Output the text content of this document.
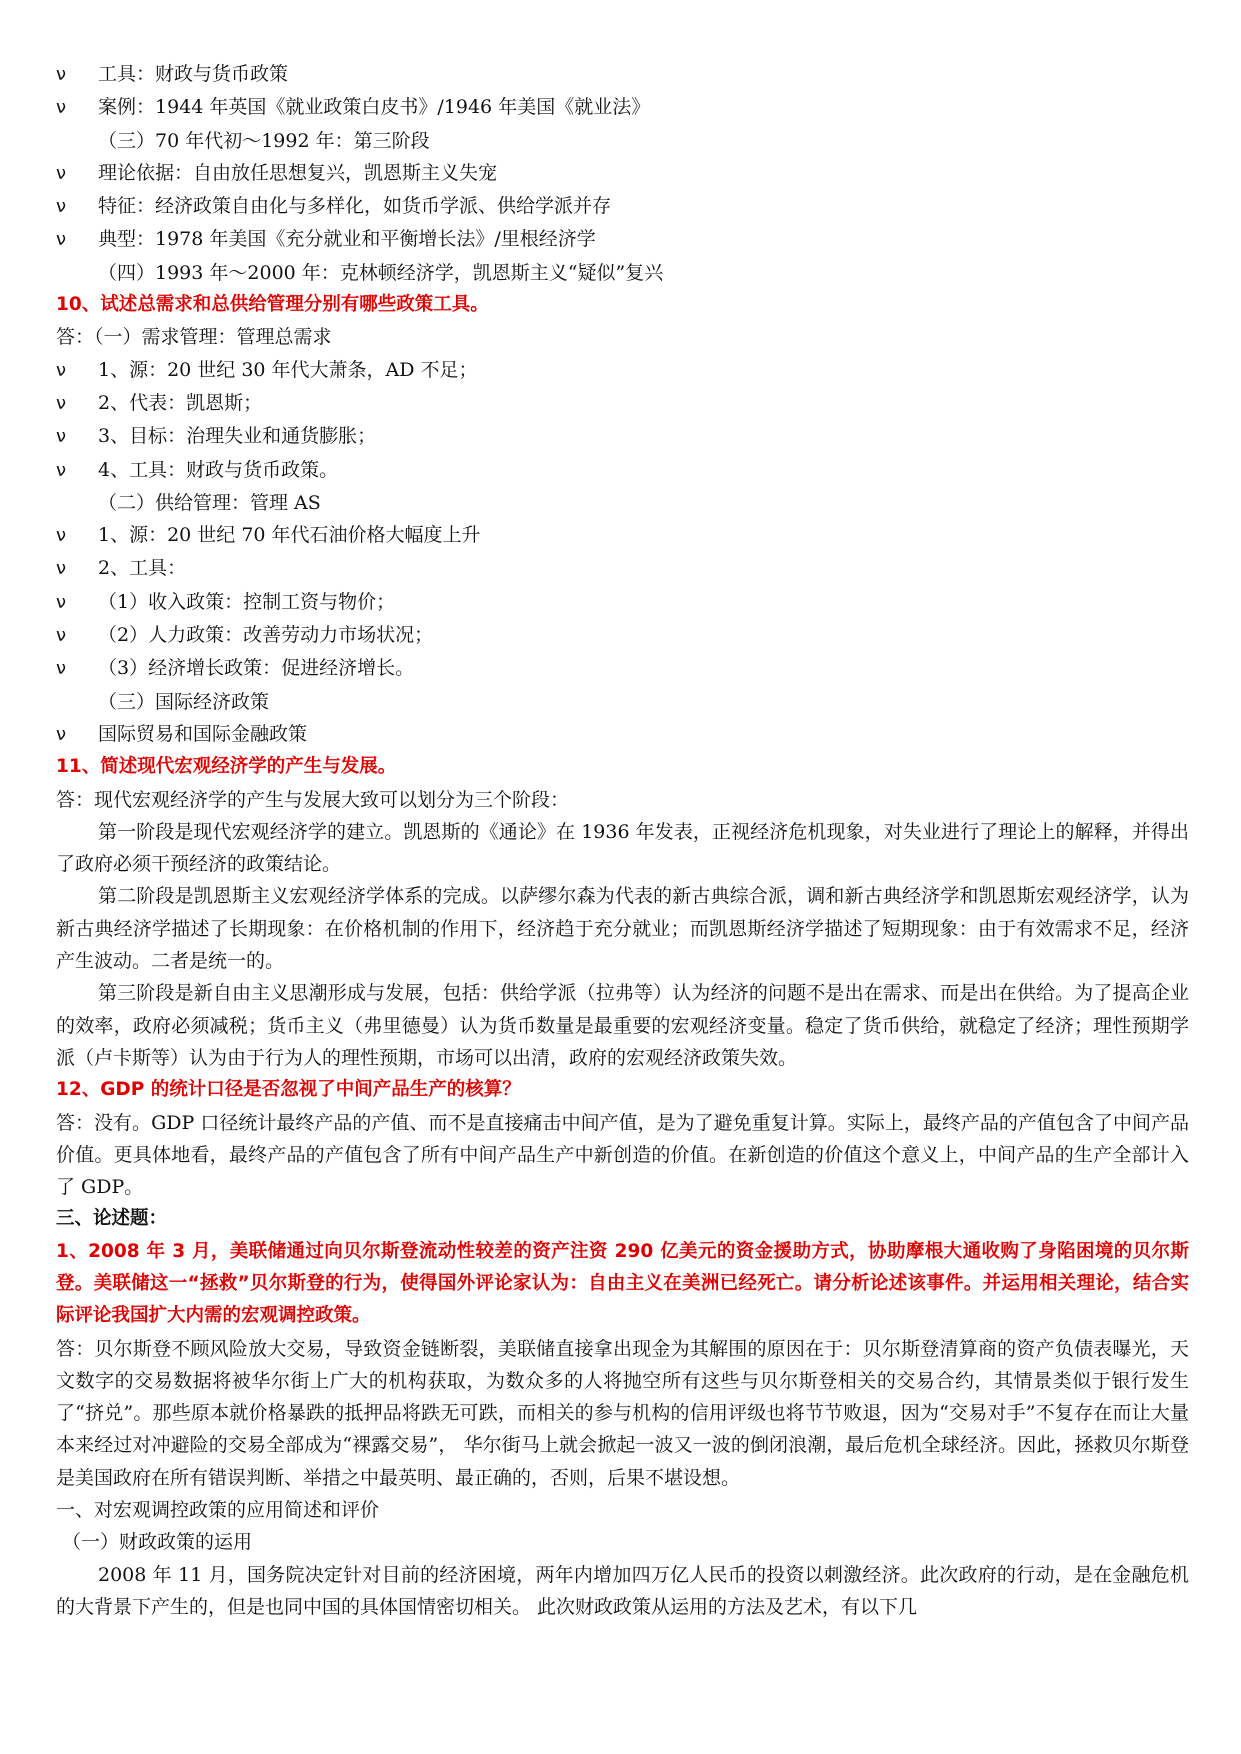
ν	工具：财政与货币政策
ν	案例：1944 年英国《就业政策白皮书》/1946 年美国《就业法》
（三）70 年代初～1992 年：第三阶段
ν	理论依据：自由放任思想复兴，凯恩斯主义失宠
ν	特征：经济政策自由化与多样化，如货币学派、供给学派并存
ν	典型：1978 年美国《充分就业和平衡增长法》/里根经济学
（四）1993 年～2000 年：克林顿经济学，凯恩斯主义“疑似”复兴
10、试述总需求和总供给管理分别有哪些政策工具。
答：（一）需求管理：管理总需求
ν	1、源：20 世纪 30 年代大萧条，AD 不足；
ν	2、代表：凯恩斯；
ν	3、目标：治理失业和通货膨胀；
ν	4、工具：财政与货币政策。
（二）供给管理：管理 AS
ν	1、源：20 世纪 70 年代石油价格大幅度上升
ν	2、工具：
ν	（1）收入政策：控制工资与物价；
ν	（2）人力政策：改善劳动力市场状况；
ν	（3）经济增长政策：促进经济增长。
（三）国际经济政策
ν	国际贸易和国际金融政策
11、简述现代宏观经济学的产生与发展。
答：现代宏观经济学的产生与发展大致可以划分为三个阶段：

第一阶段是现代宏观经济学的建立。凯恩斯的《通论》在 1936 年发表，正视经济危机现象，对失业进行了理论上的解释，并得出了政府必须干预经济的政策结论。

第二阶段是凯恩斯主义宏观经济学体系的完成。以萨缪尔森为代表的新古典综合派，调和新古典经济学和凯恩斯宏观经济学，认为新古典经济学描述了长期现象：在价格机制的作用下，经济趋于充分就业；而凯恩斯经济学描述了短期现象：由于有效需求不足，经济产生波动。二者是统一的。

第三阶段是新自由主义思潮形成与发展，包括：供给学派（拉弗等）认为经济的问题不是出在需求、而是出在供给。为了提高企业的效率，政府必须减税；货币主义（弗里德曼）认为货币数量是最重要的宏观经济变量。稳定了货币供给，就稳定了经济；理性预期学派（卢卡斯等）认为由于行为人的理性预期，市场可以出清，政府的宏观经济政策失效。

12、GDP 的统计口径是否忽视了中间产品生产的核算？

答：没有。GDP 口径统计最终产品的产值、而不是直接痛击中间产值，是为了避免重复计算。实际上，最终产品的产值包含了中间产品价值。更具体地看，最终产品的产值包含了所有中间产品生产中新创造的价值。在新创造的价值这个意义上，中间产品的生产全部计入了 GDP。

三、论述题：

1、2008 年 3 月，美联储通过向贝尔斯登流动性较差的资产注资 290 亿美元的资金援助方式，协助摩根大通收购了身陷困境的贝尔斯登。美联储这一“拯救”贝尔斯登的行为，使得国外评论家认为：自由主义在美洲已经死亡。请分析论述该事件。并运用相关理论，结合实际评论我国扩大内需的宏观调控政策。

答：贝尔斯登不顾风险放大交易，导致资金链断裂，美联储直接拿出现金为其解围的原因在于：贝尔斯登清算商的资产负债表曝光，天文数字的交易数据将被华尔街上广大的机构获取，为数众多的人将抛空所有这些与贝尔斯登相关的交易合约，其情景类似于银行发生了“挤兑”。那些原本就价格暴跌的抵押品将跌无可跌，而相关的参与机构的信用评级也将节节败退，因为“交易对手”不复存在而让大量本来经过对冲避险的交易全部成为“裸露交易”， 华尔街马上就会掀起一波又一波的倒闭浪潮，最后危机全球经济。因此，拯救贝尔斯登是美国政府在所有错误判断、举措之中最英明、最正确的，否则，后果不堪设想。

一、对宏观调控政策的应用简述和评价
（一）财政政策的运用

2008 年 11 月，国务院决定针对目前的经济困境，两年内增加四万亿人民币的投资以刺激经济。此次政府的行动，是在金融危机的大背景下产生的，但是也同中国的具体国情密切相关。 此次财政政策从运用的方法及艺术，有以下几
